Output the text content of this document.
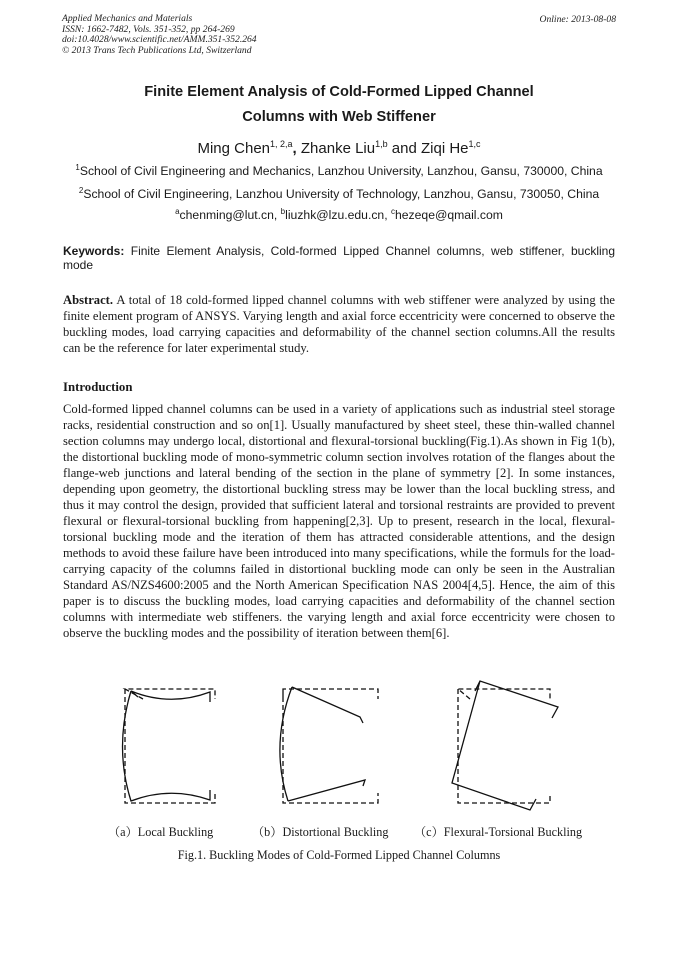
Applied Mechanics and Materials
ISSN: 1662-7482, Vols. 351-352, pp 264-269
doi:10.4028/www.scientific.net/AMM.351-352.264
© 2013 Trans Tech Publications Ltd, Switzerland
Online: 2013-08-08
Finite Element Analysis of Cold-Formed Lipped Channel
Columns with Web Stiffener
Ming Chen$^{1, 2,a}$, Zhanke Liu$^{1,b}$ and Ziqi He$^{1,c}$
$^1$School of Civil Engineering and Mechanics, Lanzhou University, Lanzhou, Gansu, 730000, China
$^2$School of Civil Engineering, Lanzhou University of Technology, Lanzhou, Gansu, 730050, China
$^a$chenming@lut.cn, $^b$liuzhk@lzu.edu.cn, $^c$hezeqe@qmail.com
Keywords: Finite Element Analysis, Cold-formed Lipped Channel columns, web stiffener, buckling mode

Abstract. A total of 18 cold-formed lipped channel columns with web stiffener were analyzed by using the finite element program of ANSYS. Varying length and axial force eccentricity were concerned to observe the buckling modes, load carrying capacities and deformability of the channel section columns.All the results can be the reference for later experimental study.

Introduction

Cold-formed lipped channel columns can be used in a variety of applications such as industrial steel storage racks, residential construction and so on[1]. Usually manufactured by sheet steel, these thin-walled channel section columns may undergo local, distortional and flexural-torsional buckling(Fig.1).As shown in Fig 1(b), the distortional buckling mode of mono-symmetric column section involves rotation of the flanges about the flange-web junctions and lateral bending of the section in the plane of symmetry [2]. In some instances, depending upon geometry, the distortional buckling stress may be lower than the local buckling stress, and thus it may control the design, provided that sufficient lateral and torsional restraints are provided to prevent flexural or flexural-torsional buckling from happening[2,3]. Up to present, research in the local, flexural-torsional buckling mode and the iteration of them has attracted considerable attentions, and the design methods to avoid these failure have been introduced into many specifications, while the formuls for the load-carrying capacity of the columns failed in distortional buckling mode can only be seen in the Australian Standard AS/NZS4600:2005 and the North American Specification NAS 2004[4,5]. Hence, the aim of this paper is to discuss the buckling modes, load carrying capacities and deformability of the channel section columns with intermediate web stiffeners. the varying length and axial force eccentricity were chosen to observe the buckling modes and the possibility of iteration between them[6].

（a）Local Buckling	（b）Distortional Buckling （c）Flexural-Torsional Buckling
Fig.1. Buckling Modes of Cold-Formed Lipped Channel Columns
